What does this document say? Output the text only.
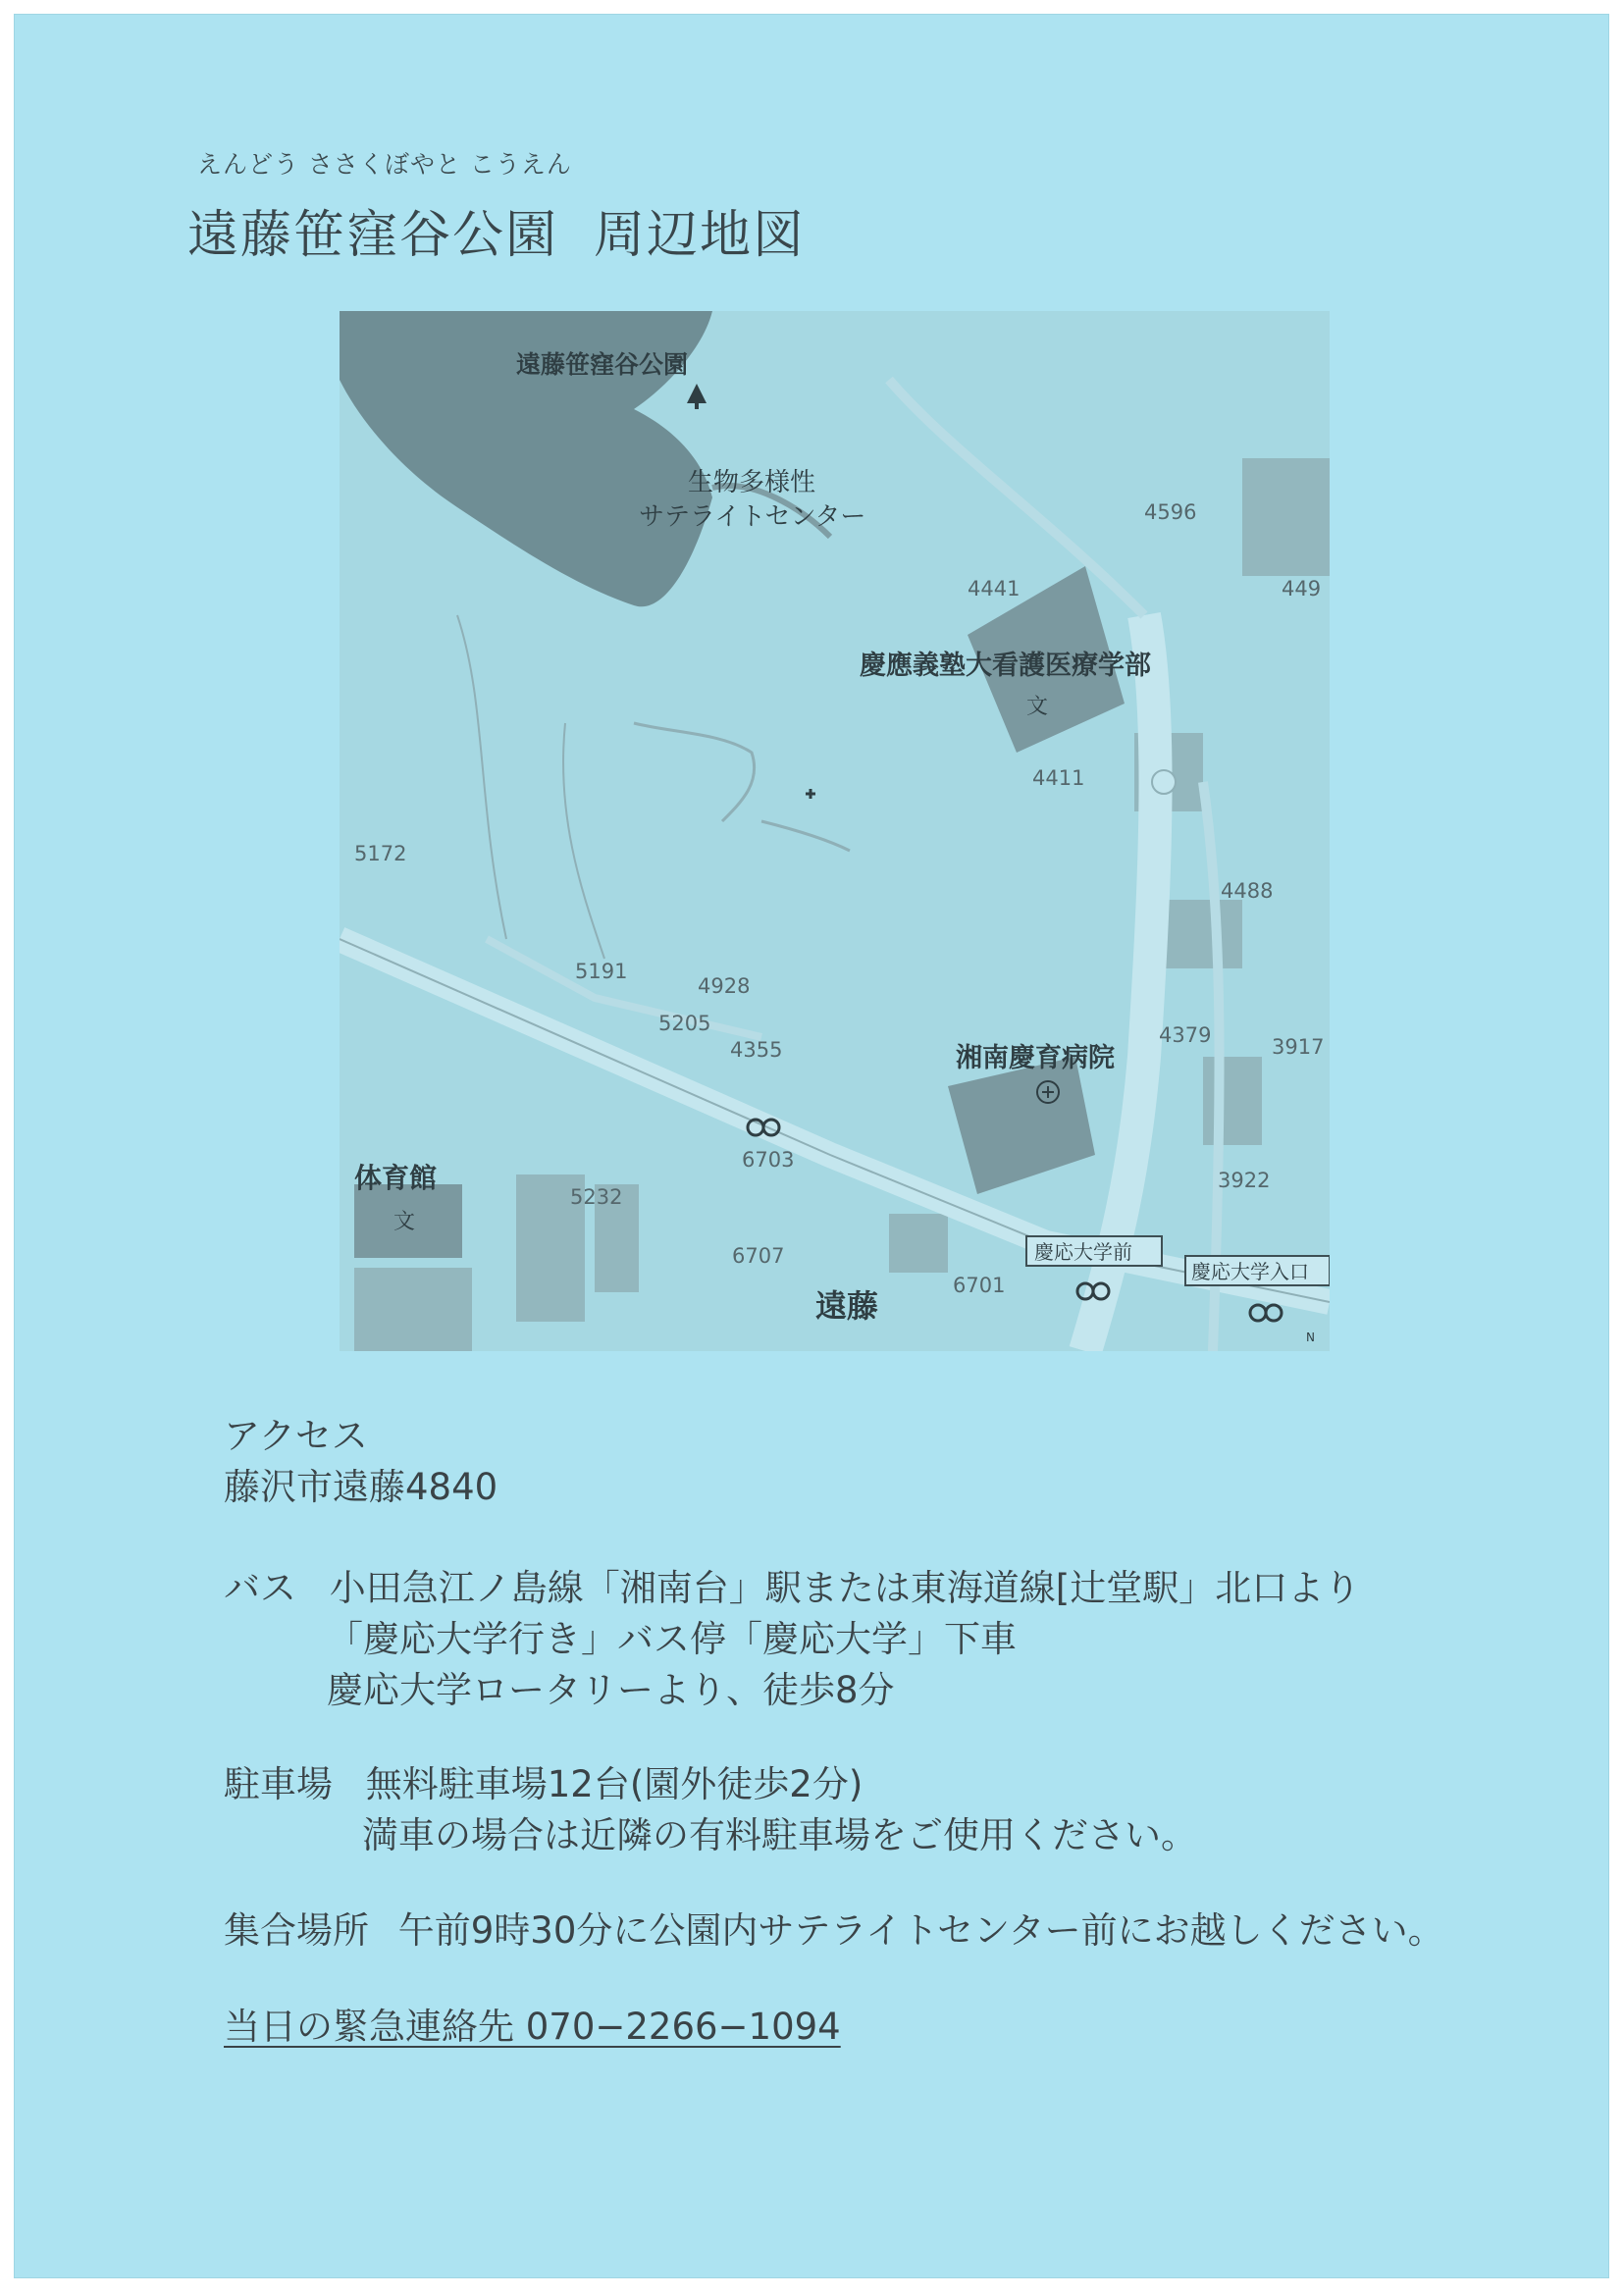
えんどう ささくぼやと こうえん
遠藤笹窪谷公園 周辺地図
遠藤笹窪谷公園
生物多様性
サテライトセンター
慶應義塾大看護医療学部
文
湘南慶育病院
体育館
文
遠藤
慶応大学前
慶応大学入口
N
4596
4441	449
4411
5172
4488
5191
4928
5205
4355
4379	3917
6703
5232
3922
6707
6701
アクセス
藤沢市遠藤4840
バス 小田急江ノ島線「湘南台」駅または東海道線[辻堂駅」北口より
「慶応大学行き」バス停「慶応大学」下車
慶応大学ロータリーより、徒歩8分
駐車場 無料駐車場12台(園外徒歩2分)
満車の場合は近隣の有料駐車場をご使用ください。
集合場所 午前9時30分に公園内サテライトセンター前にお越しください。
当日の緊急連絡先 070−2266−1094
